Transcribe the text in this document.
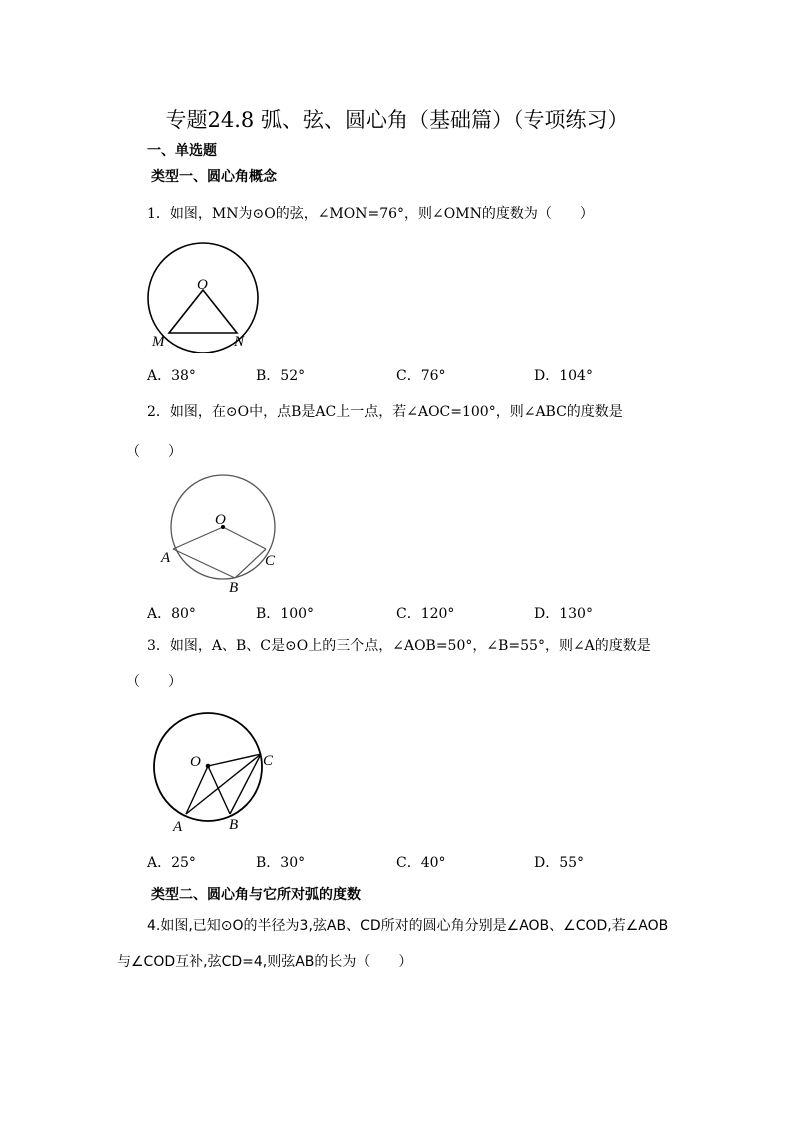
专题24.8 弧、弦、圆心角（基础篇）（专项练习）
一、单选题
类型一、圆心角概念
1．如图，MN为⊙O的弦，∠MON=76°，则∠OMN的度数为（　　）
O
M	N
A．38°	B．52°	C．76°	D．104°
2．如图，在⊙O中，点B是AC上一点，若∠AOC=100°，则∠ABC的度数是
（　　）
O
A
B
C
A．80°	B．100°	C．120°	D．130°
3．如图，A、B、C是⊙O上的三个点，∠AOB=50°，∠B=55°，则∠A的度数是
（　　）
O
A	B
C
A．25°	B．30°	C．40°	D．55°
类型二、圆心角与它所对弧的度数
4.如图,已知⊙O的半径为3,弦AB、CD所对的圆心角分别是∠AOB、∠COD,若∠AOB
与∠COD互补,弦CD=4,则弦AB的长为（　　）
